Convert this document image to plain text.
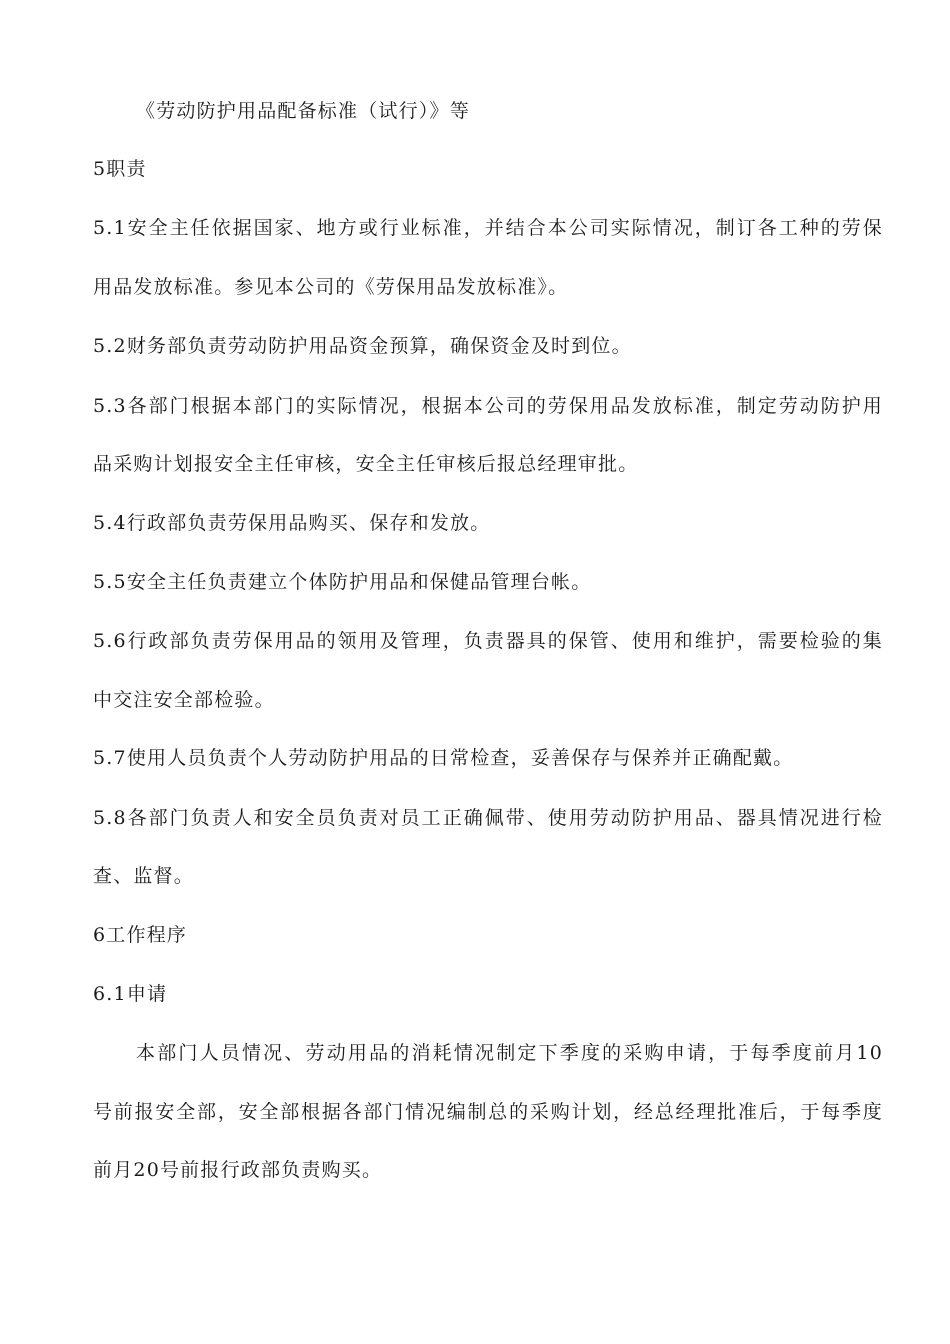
《劳动防护用品配备标准（试行）》等
5职责
5.1安全主任依据国家、地方或行业标准，并结合本公司实际情况，制订各工种的劳保
用品发放标准。参见本公司的《劳保用品发放标准》。
5.2财务部负责劳动防护用品资金预算，确保资金及时到位。
5.3各部门根据本部门的实际情况，根据本公司的劳保用品发放标准，制定劳动防护用
品采购计划报安全主任审核，安全主任审核后报总经理审批。
5.4行政部负责劳保用品购买、保存和发放。
5.5安全主任负责建立个体防护用品和保健品管理台帐。
5.6行政部负责劳保用品的领用及管理，负责器具的保管、使用和维护，需要检验的集
中交注安全部检验。
5.7使用人员负责个人劳动防护用品的日常检查，妥善保存与保养并正确配戴。
5.8各部门负责人和安全员负责对员工正确佩带、使用劳动防护用品、器具情况进行检
查、监督。
6工作程序
6.1申请
本部门人员情况、劳动用品的消耗情况制定下季度的采购申请，于每季度前月10
号前报安全部，安全部根据各部门情况编制总的采购计划，经总经理批准后，于每季度
前月20号前报行政部负责购买。
